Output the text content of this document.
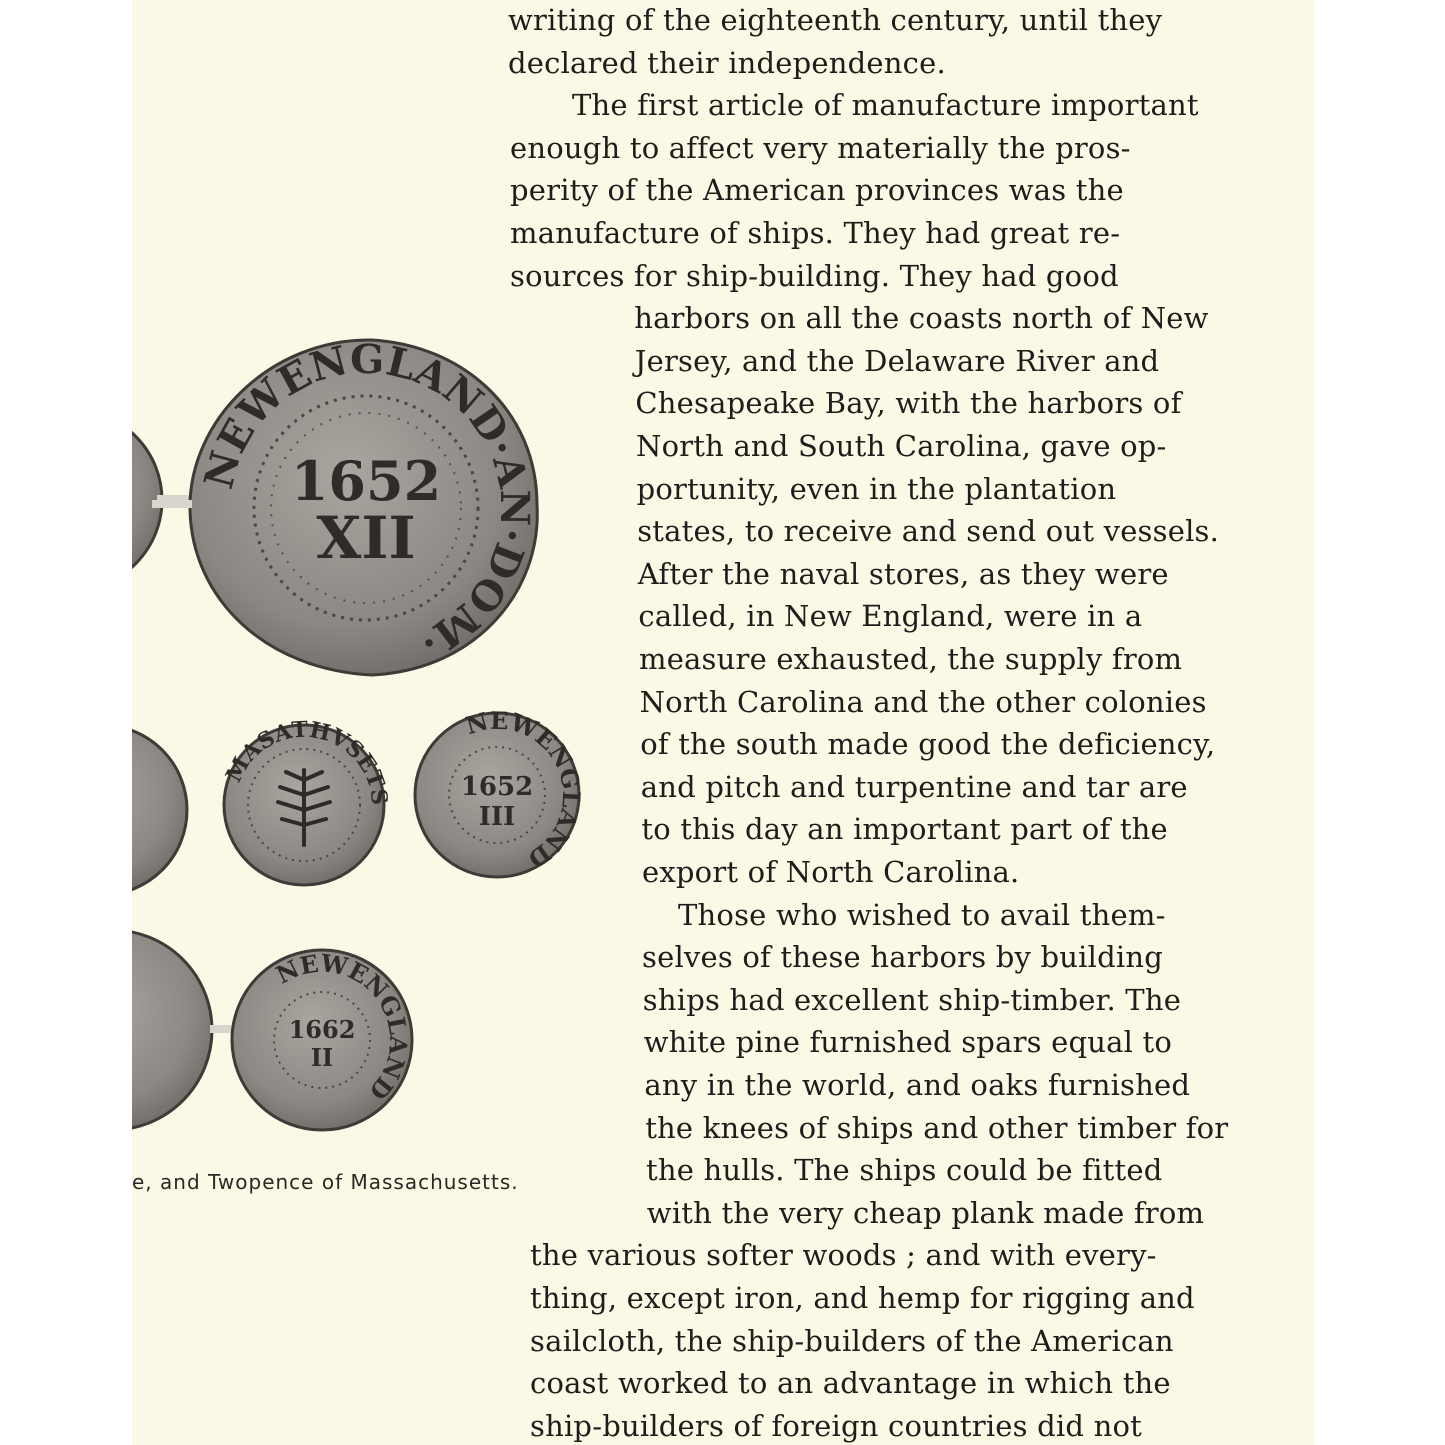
NEWENGLAND·AN·DOM·
1652
XII
MASATHVSETS
NEWENGLAND
1652
III
NEWENGLAND
1662
II
e, and Twopence of Massachusetts.
writing of the eighteenth century, until they
declared their independence.
The first article of manufacture important
enough to affect very materially the pros-
perity of the American provinces was the
manufacture of ships. They had great re-
sources for ship-building. They had good
harbors on all the coasts north of New
Jersey, and the Delaware River and
Chesapeake Bay, with the harbors of
North and South Carolina, gave op-
portunity, even in the plantation
states, to receive and send out vessels.
After the naval stores, as they were
called, in New England, were in a
measure exhausted, the supply from
North Carolina and the other colonies
of the south made good the deficiency,
and pitch and turpentine and tar are
to this day an important part of the
export of North Carolina.
Those who wished to avail them-
selves of these harbors by building
ships had excellent ship-timber. The
white pine furnished spars equal to
any in the world, and oaks furnished
the knees of ships and other timber for
the hulls. The ships could be fitted
with the very cheap plank made from
the various softer woods ; and with every-
thing, except iron, and hemp for rigging and
sailcloth, the ship-builders of the American
coast worked to an advantage in which the
ship-builders of foreign countries did not
